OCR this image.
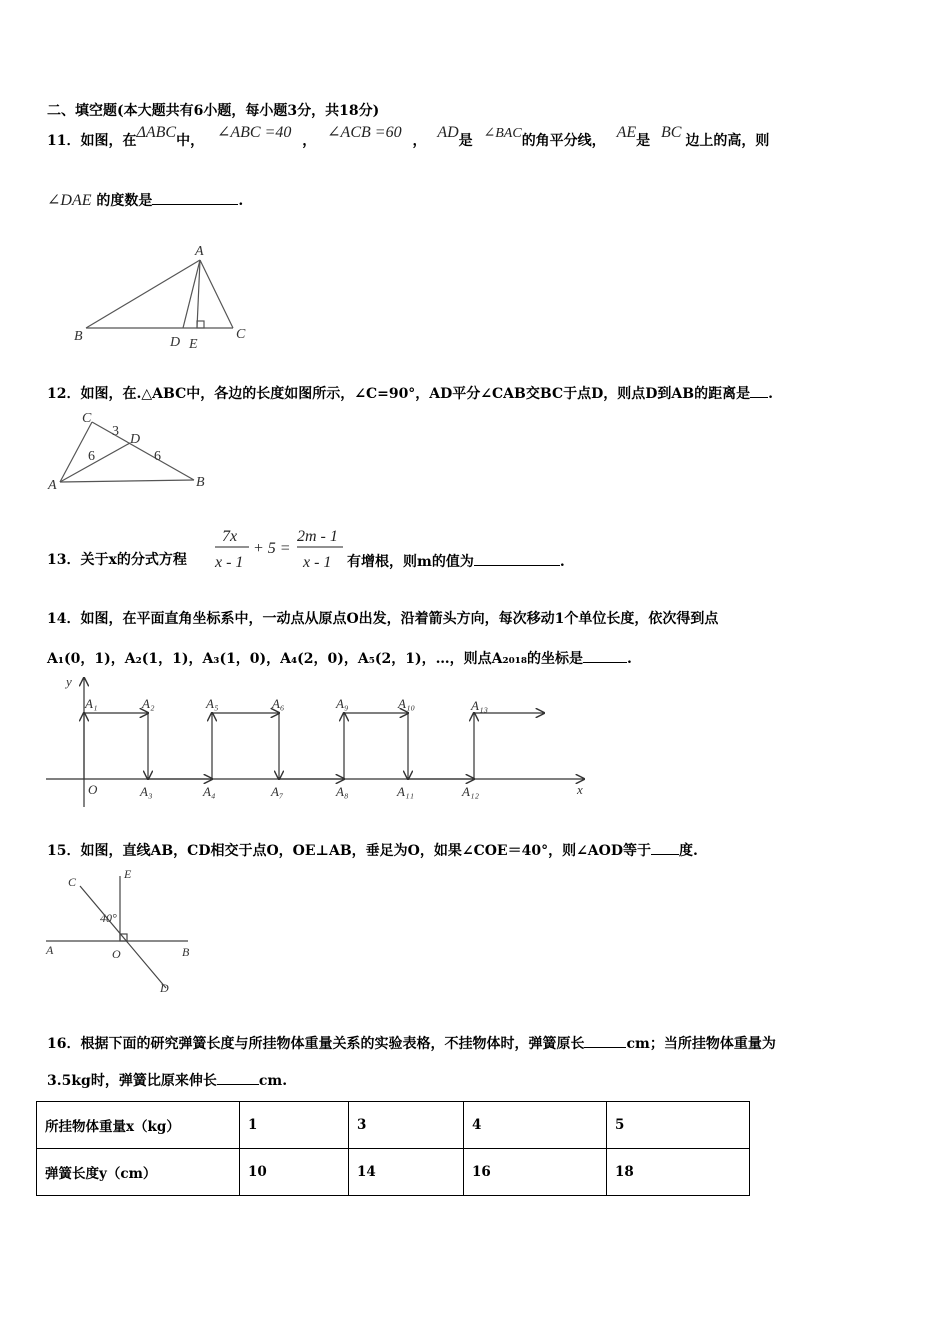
二、填空题(本大题共有6小题，每小题3分，共18分)
11．如图，在ΔABC中， ∠ABC =40 ， ∠ACB =60 ， AD是 ∠BAC的角平分线， AE是 BC 边上的高，则
∠DAE 的度数是	.
A
B	C
D E
12．如图，在.△ABC中，各边的长度如图所示，∠C=90°，AD平分∠CAB交BC于点D，则点D到AB的距离是 .
C
D
A	B
3
6	6
13．关于x的分式方程
7x
x - 1
+ 5 =
2m - 1
x - 1 有增根，则m的值为	.
14．如图，在平面直角坐标系中，一动点从原点O出发，沿着箭头方向，每次移动1个单位长度，依次得到点
A₁(0，1)，A₂(1，1)，A₃(1，0)，A₄(2，0)，A₅(2，1)，…，则点A₂₀₁₈的坐标是	.
y
x
O
A₁	A₂	A₅	A₆	A₉	A₁₀	A₁₃
A₃	A₄	A₇	A₈	A₁₁	A₁₂
15．如图，直线AB，CD相交于点O，OE⊥AB，垂足为O，如果∠COE＝40°，则∠AOD等于 度.
C
E
A	O	B
D
40°
16．根据下面的研究弹簧长度与所挂物体重量关系的实验表格，不挂物体时，弹簧原长	cm；当所挂物体重量为
3.5kg时，弹簧比原来伸长	cm.
所挂物体重量x（kg）	1	3	4	5
弹簧长度y（cm）	10	14	16	18
